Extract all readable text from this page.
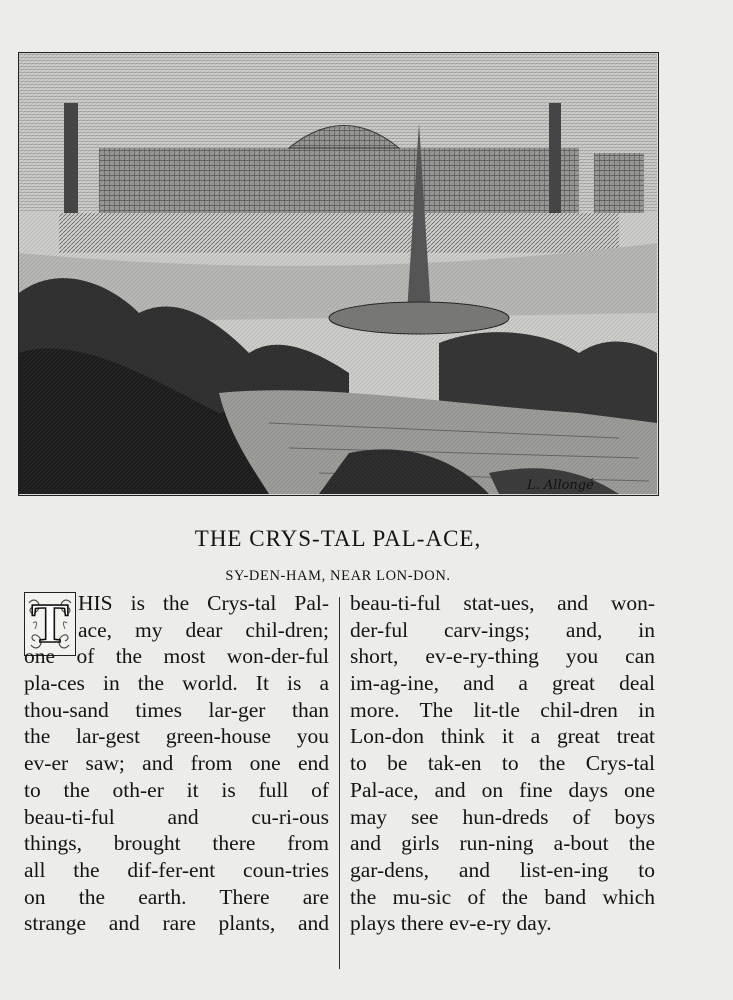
L. Allongé
THE CRYS-TAL PAL-ACE,
SY-DEN-HAM, NEAR LON-DON.
T HIS is the Crys-tal Pal-
ace, my dear chil-dren;
one of the most won-der-ful
pla-ces in the world. It is a
thou-sand times lar-ger than
the lar-gest green-house you
ev-er saw; and from one end
to the oth-er it is full of
beau-ti-ful and cu-ri-ous
things, brought there from
all the dif-fer-ent coun-tries
on the earth. There are
strange and rare plants, and
beau-ti-ful stat-ues, and won-
der-ful carv-ings; and, in
short, ev-e-ry-thing you can
im-ag-ine, and a great deal
more. The lit-tle chil-dren in
Lon-don think it a great treat
to be tak-en to the Crys-tal
Pal-ace, and on fine days one
may see hun-dreds of boys
and girls run-ning a-bout the
gar-dens, and list-en-ing to
the mu-sic of the band which
plays there ev-e-ry day.
